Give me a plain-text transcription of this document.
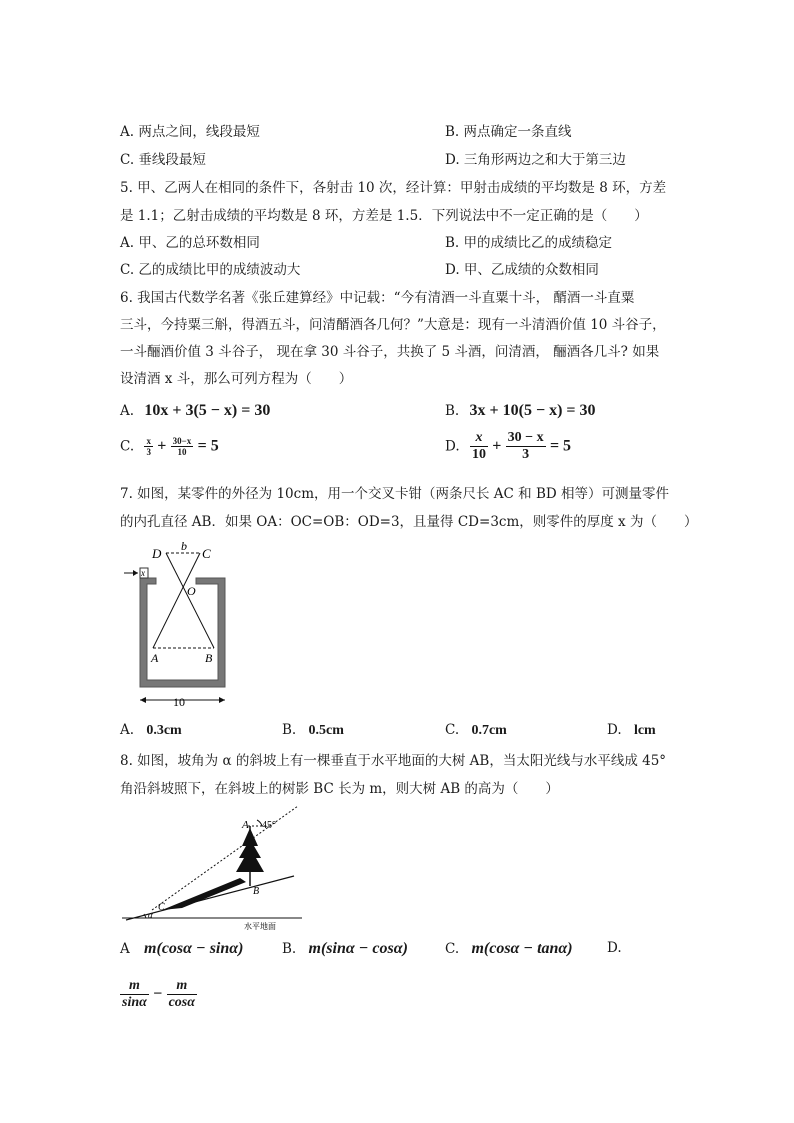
A. 两点之间，线段最短	B. 两点确定一条直线
C. 垂线段最短	D. 三角形两边之和大于第三边
5. 甲、乙两人在相同的条件下，各射击 10 次，经计算：甲射击成绩的平均数是 8 环，方差
是 1.1；乙射击成绩的平均数是 8 环，方差是 1.5．下列说法中不一定正确的是（　　）
A. 甲、乙的总环数相同	B. 甲的成绩比乙的成绩稳定
C. 乙的成绩比甲的成绩波动大	D. 甲、乙成绩的众数相同
6. 我国古代数学名著《张丘建算经》中记载：“今有清酒一斗直粟十斗， 醑酒一斗直粟
三斗，今持粟三斛，得酒五斗，问清醑酒各几何？”大意是：现有一斗清酒价值 10 斗谷子，
一斗酾酒价值 3 斗谷子， 现在拿 30 斗谷子，共换了 5 斗酒，问清酒， 酾酒各几斗? 如果
设清酒 x 斗，那么可列方程为（　　）
A. 10x + 3(5 − x) = 30	B. 3x + 10(5 − x) = 30
C. $\frac{x}{3} + \frac{30-x}{10} = 5$	D. $\frac{x}{10} + \frac{30 - x}{3} = 5$
7. 如图，某零件的外径为 10cm，用一个交叉卡钳（两条尺长 AC 和 BD 相等）可测量零件
的内孔直径 AB．如果 OA：OC=OB：OD=3，且量得 CD=3cm，则零件的厚度 x 为（　　）
D b C
x
O
A	B
10
A. 0.3cm	B. 0.5cm	C. 0.7cm	D. lcm
8. 如图，坡角为 α 的斜坡上有一棵垂直于水平地面的大树 AB，当太阳光线与水平线成 45°
角沿斜坡照下，在斜坡上的树影 BC 长为 m，则大树 AB 的高为（　　）
A 45°
B
C
α
水平地面
A m(cosα − sinα)	B. m(sinα − cosα)	C. m(cosα − tanα)	D.
$\frac{m}{\sin\alpha} - \frac{m}{\cos\alpha}$
